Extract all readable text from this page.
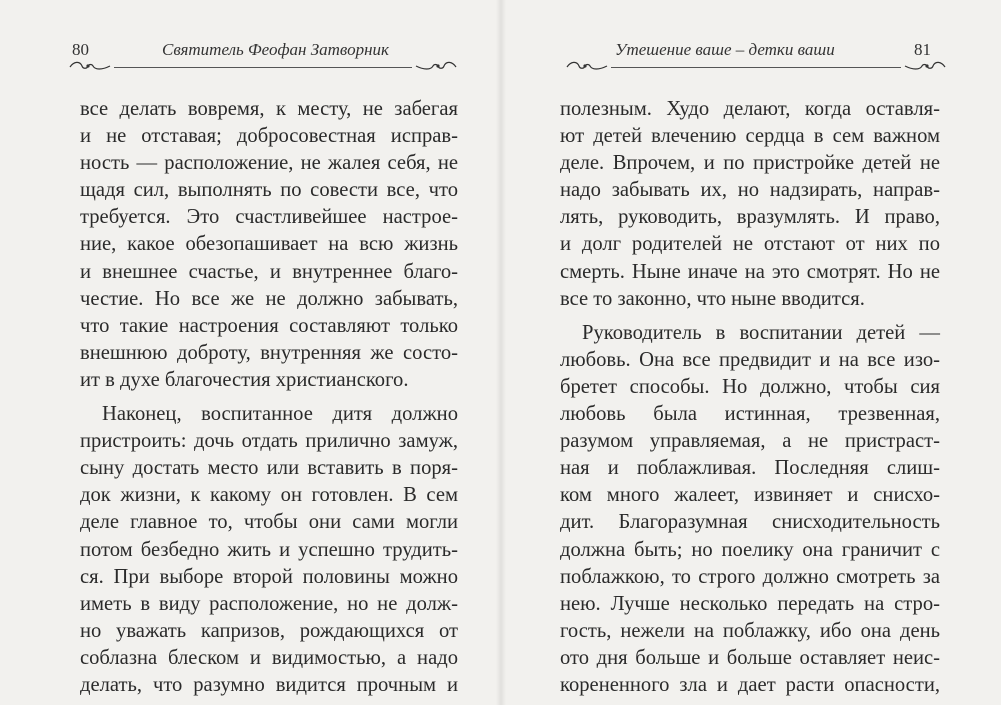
80	Святитель Феофан Затворник
все делать вовремя, к месту, не забегая
и не отставая; добросовестная исправ-
ность — расположение, не жалея себя, не
щадя сил, выполнять по совести все, что
требуется. Это счастливейшее настрое-
ние, какое обезопашивает на всю жизнь
и внешнее счастье, и внутреннее благо-
честие. Но все же не должно забывать,
что такие настроения составляют только
внешнюю доброту, внутренняя же состо-
ит в духе благочестия христианского.
Наконец, воспитанное дитя должно
пристроить: дочь отдать прилично замуж,
сыну достать место или вставить в поря-
док жизни, к какому он готовлен. В сем
деле главное то, чтобы они сами могли
потом безбедно жить и успешно трудить-
ся. При выборе второй половины можно
иметь в виду расположение, но не долж-
но уважать капризов, рождающихся от
соблазна блеском и видимостью, а надо
делать, что разумно видится прочным и
Утешение ваше – детки ваши	81
полезным. Худо делают, когда оставля-
ют детей влечению сердца в сем важном
деле. Впрочем, и по пристройке детей не
надо забывать их, но надзирать, направ-
лять, руководить, вразумлять. И право,
и долг родителей не отстают от них по
смерть. Ныне иначе на это смотрят. Но не
все то законно, что ныне вводится.
Руководитель в воспитании детей —
любовь. Она все предвидит и на все изо-
бретет способы. Но должно, чтобы сия
любовь была истинная, трезвенная,
разумом управляемая, а не пристраст-
ная и поблажливая. Последняя слиш-
ком много жалеет, извиняет и снисхо-
дит. Благоразумная снисходительность
должна быть; но поелику она граничит с
поблажкою, то строго должно смотреть за
нею. Лучше несколько передать на стро-
гость, нежели на поблажку, ибо она день
ото дня больше и больше оставляет неис-
корененного зла и дает расти опасности,
